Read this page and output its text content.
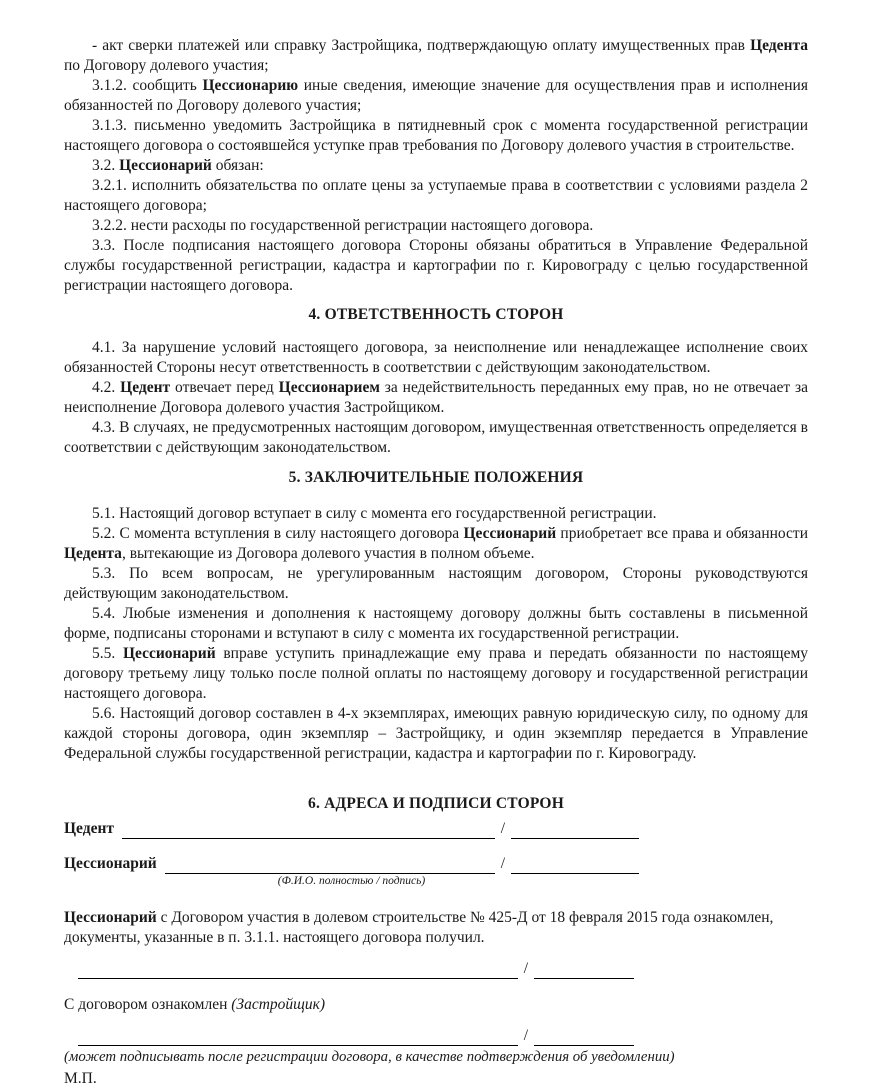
- акт сверки платежей или справку Застройщика, подтверждающую оплату имущественных прав Цедента по Договору долевого участия;

3.1.2. сообщить Цессионарию иные сведения, имеющие значение для осуществления прав и исполнения обязанностей по Договору долевого участия;

3.1.3. письменно уведомить Застройщика в пятидневный срок с момента государственной регистрации настоящего договора о состоявшейся уступке прав требования по Договору долевого участия в строительстве.

3.2. Цессионарий обязан:

3.2.1. исполнить обязательства по оплате цены за уступаемые права в соответствии с условиями раздела 2 настоящего договора;

3.2.2. нести расходы по государственной регистрации настоящего договора.

3.3. После подписания настоящего договора Стороны обязаны обратиться в Управление Федеральной службы государственной регистрации, кадастра и картографии по г. Кировограду с целью государственной регистрации настоящего договора.

4. ОТВЕТСТВЕННОСТЬ СТОРОН

4.1. За нарушение условий настоящего договора, за неисполнение или ненадлежащее исполнение своих обязанностей Стороны несут ответственность в соответствии с действующим законодательством.

4.2. Цедент отвечает перед Цессионарием за недействительность переданных ему прав, но не отвечает за неисполнение Договора долевого участия Застройщиком.

4.3. В случаях, не предусмотренных настоящим договором, имущественная ответственность определяется в соответствии с действующим законодательством.

5. ЗАКЛЮЧИТЕЛЬНЫЕ ПОЛОЖЕНИЯ

5.1. Настоящий договор вступает в силу с момента его государственной регистрации.

5.2. С момента вступления в силу настоящего договора Цессионарий приобретает все права и обязанности Цедента, вытекающие из Договора долевого участия в полном объеме.

5.3. По всем вопросам, не урегулированным настоящим договором, Стороны руководствуются действующим законодательством.

5.4. Любые изменения и дополнения к настоящему договору должны быть составлены в письменной форме, подписаны сторонами и вступают в силу с момента их государственной регистрации.

5.5. Цессионарий вправе уступить принадлежащие ему права и передать обязанности по настоящему договору третьему лицу только после полной оплаты по настоящему договору и государственной регистрации настоящего договора.

5.6. Настоящий договор составлен в 4-х экземплярах, имеющих равную юридическую силу, по одному для каждой стороны договора, один экземпляр – Застройщику, и один экземпляр передается в Управление Федеральной службы государственной регистрации, кадастра и картографии по г. Кировограду.

6. АДРЕСА И ПОДПИСИ СТОРОН
Цедент	/
Цессионарий	/
(Ф.И.О. полностью / подпись)

Цессионарий с Договором участия в долевом строительстве № 425-Д от 18 февраля 2015 года ознакомлен, документы, указанные в п. 3.1.1. настоящего договора получил.

/

С договором ознакомлен (Застройщик)

/
(может подписывать после регистрации договора, в качестве подтверждения об уведомлении)
М.П.
